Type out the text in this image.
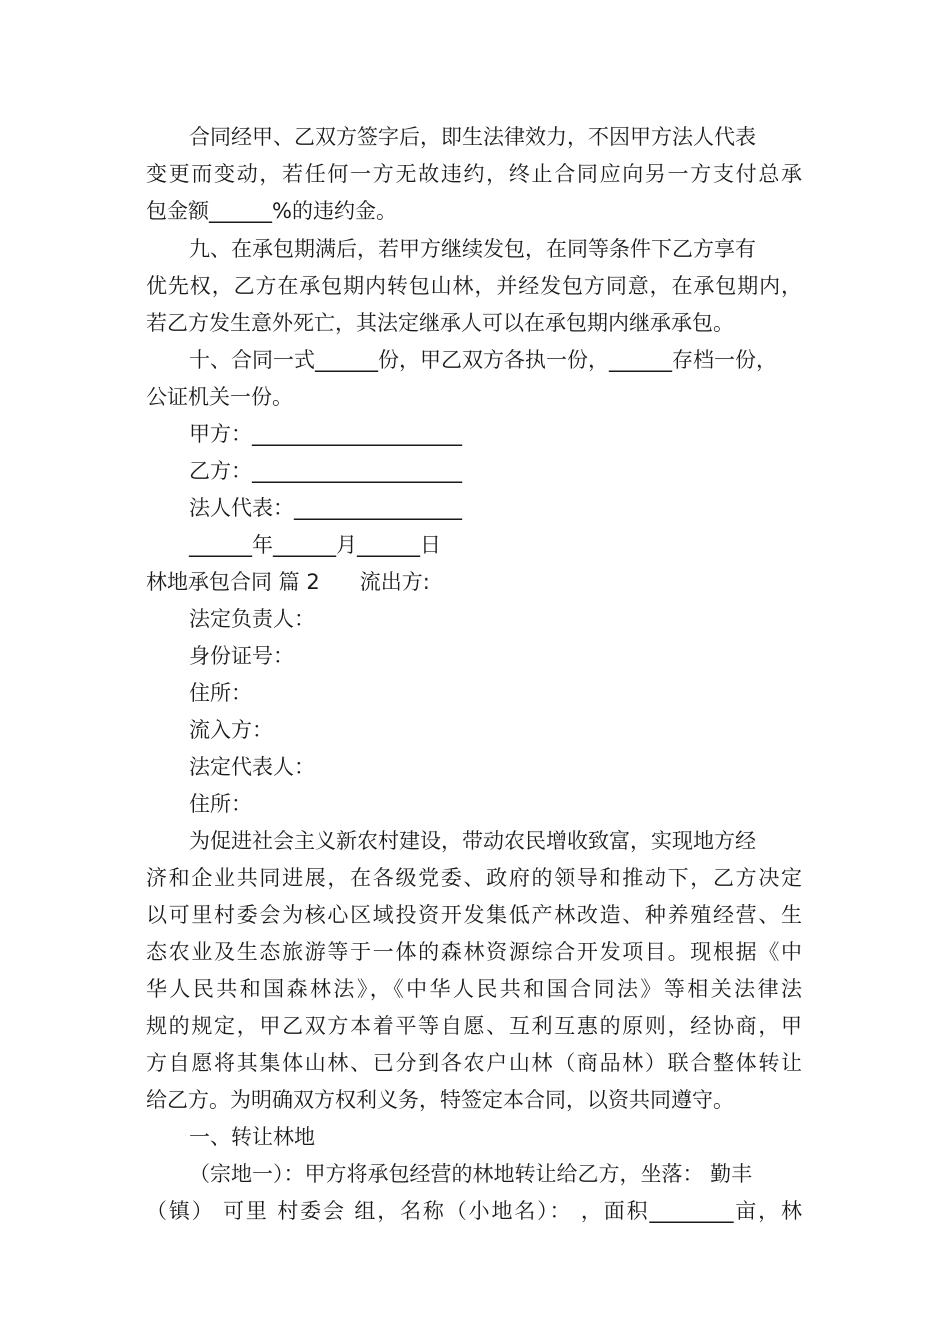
合同经甲、乙双方签字后，即生法律效力，不因甲方法人代表
变更而变动，若任何一方无故违约，终止合同应向另一方支付总承
包金额______%的违约金。
九、在承包期满后，若甲方继续发包，在同等条件下乙方享有
优先权，乙方在承包期内转包山林，并经发包方同意，在承包期内，
若乙方发生意外死亡，其法定继承人可以在承包期内继承承包。
十、合同一式______份，甲乙双方各执一份，______存档一份，
公证机关一份。
甲方：____________________
乙方：____________________
法人代表：________________
______年______月______日
林地承包合同 篇 2 流出方:
法定负责人：
身份证号：
住所：
流入方：
法定代表人：
住所：
为促进社会主义新农村建设，带动农民增收致富，实现地方经
济和企业共同进展，在各级党委、政府的领导和推动下，乙方决定
以可里村委会为核心区域投资开发集低产林改造、种养殖经营、生
态农业及生态旅游等于一体的森林资源综合开发项目。现根据《中
华人民共和国森林法》，《中华人民共和国合同法》等相关法律法
规的规定，甲乙双方本着平等自愿、互利互惠的原则，经协商，甲
方自愿将其集体山林、已分到各农户山林（商品林）联合整体转让
给乙方。为明确双方权利义务，特签定本合同，以资共同遵守。
一、转让林地
（宗地一）：甲方将承包经营的林地转让给乙方，坐落： 勤丰
（镇） 可里 村委会 组，名称（小地名）： ，面积________亩，林
